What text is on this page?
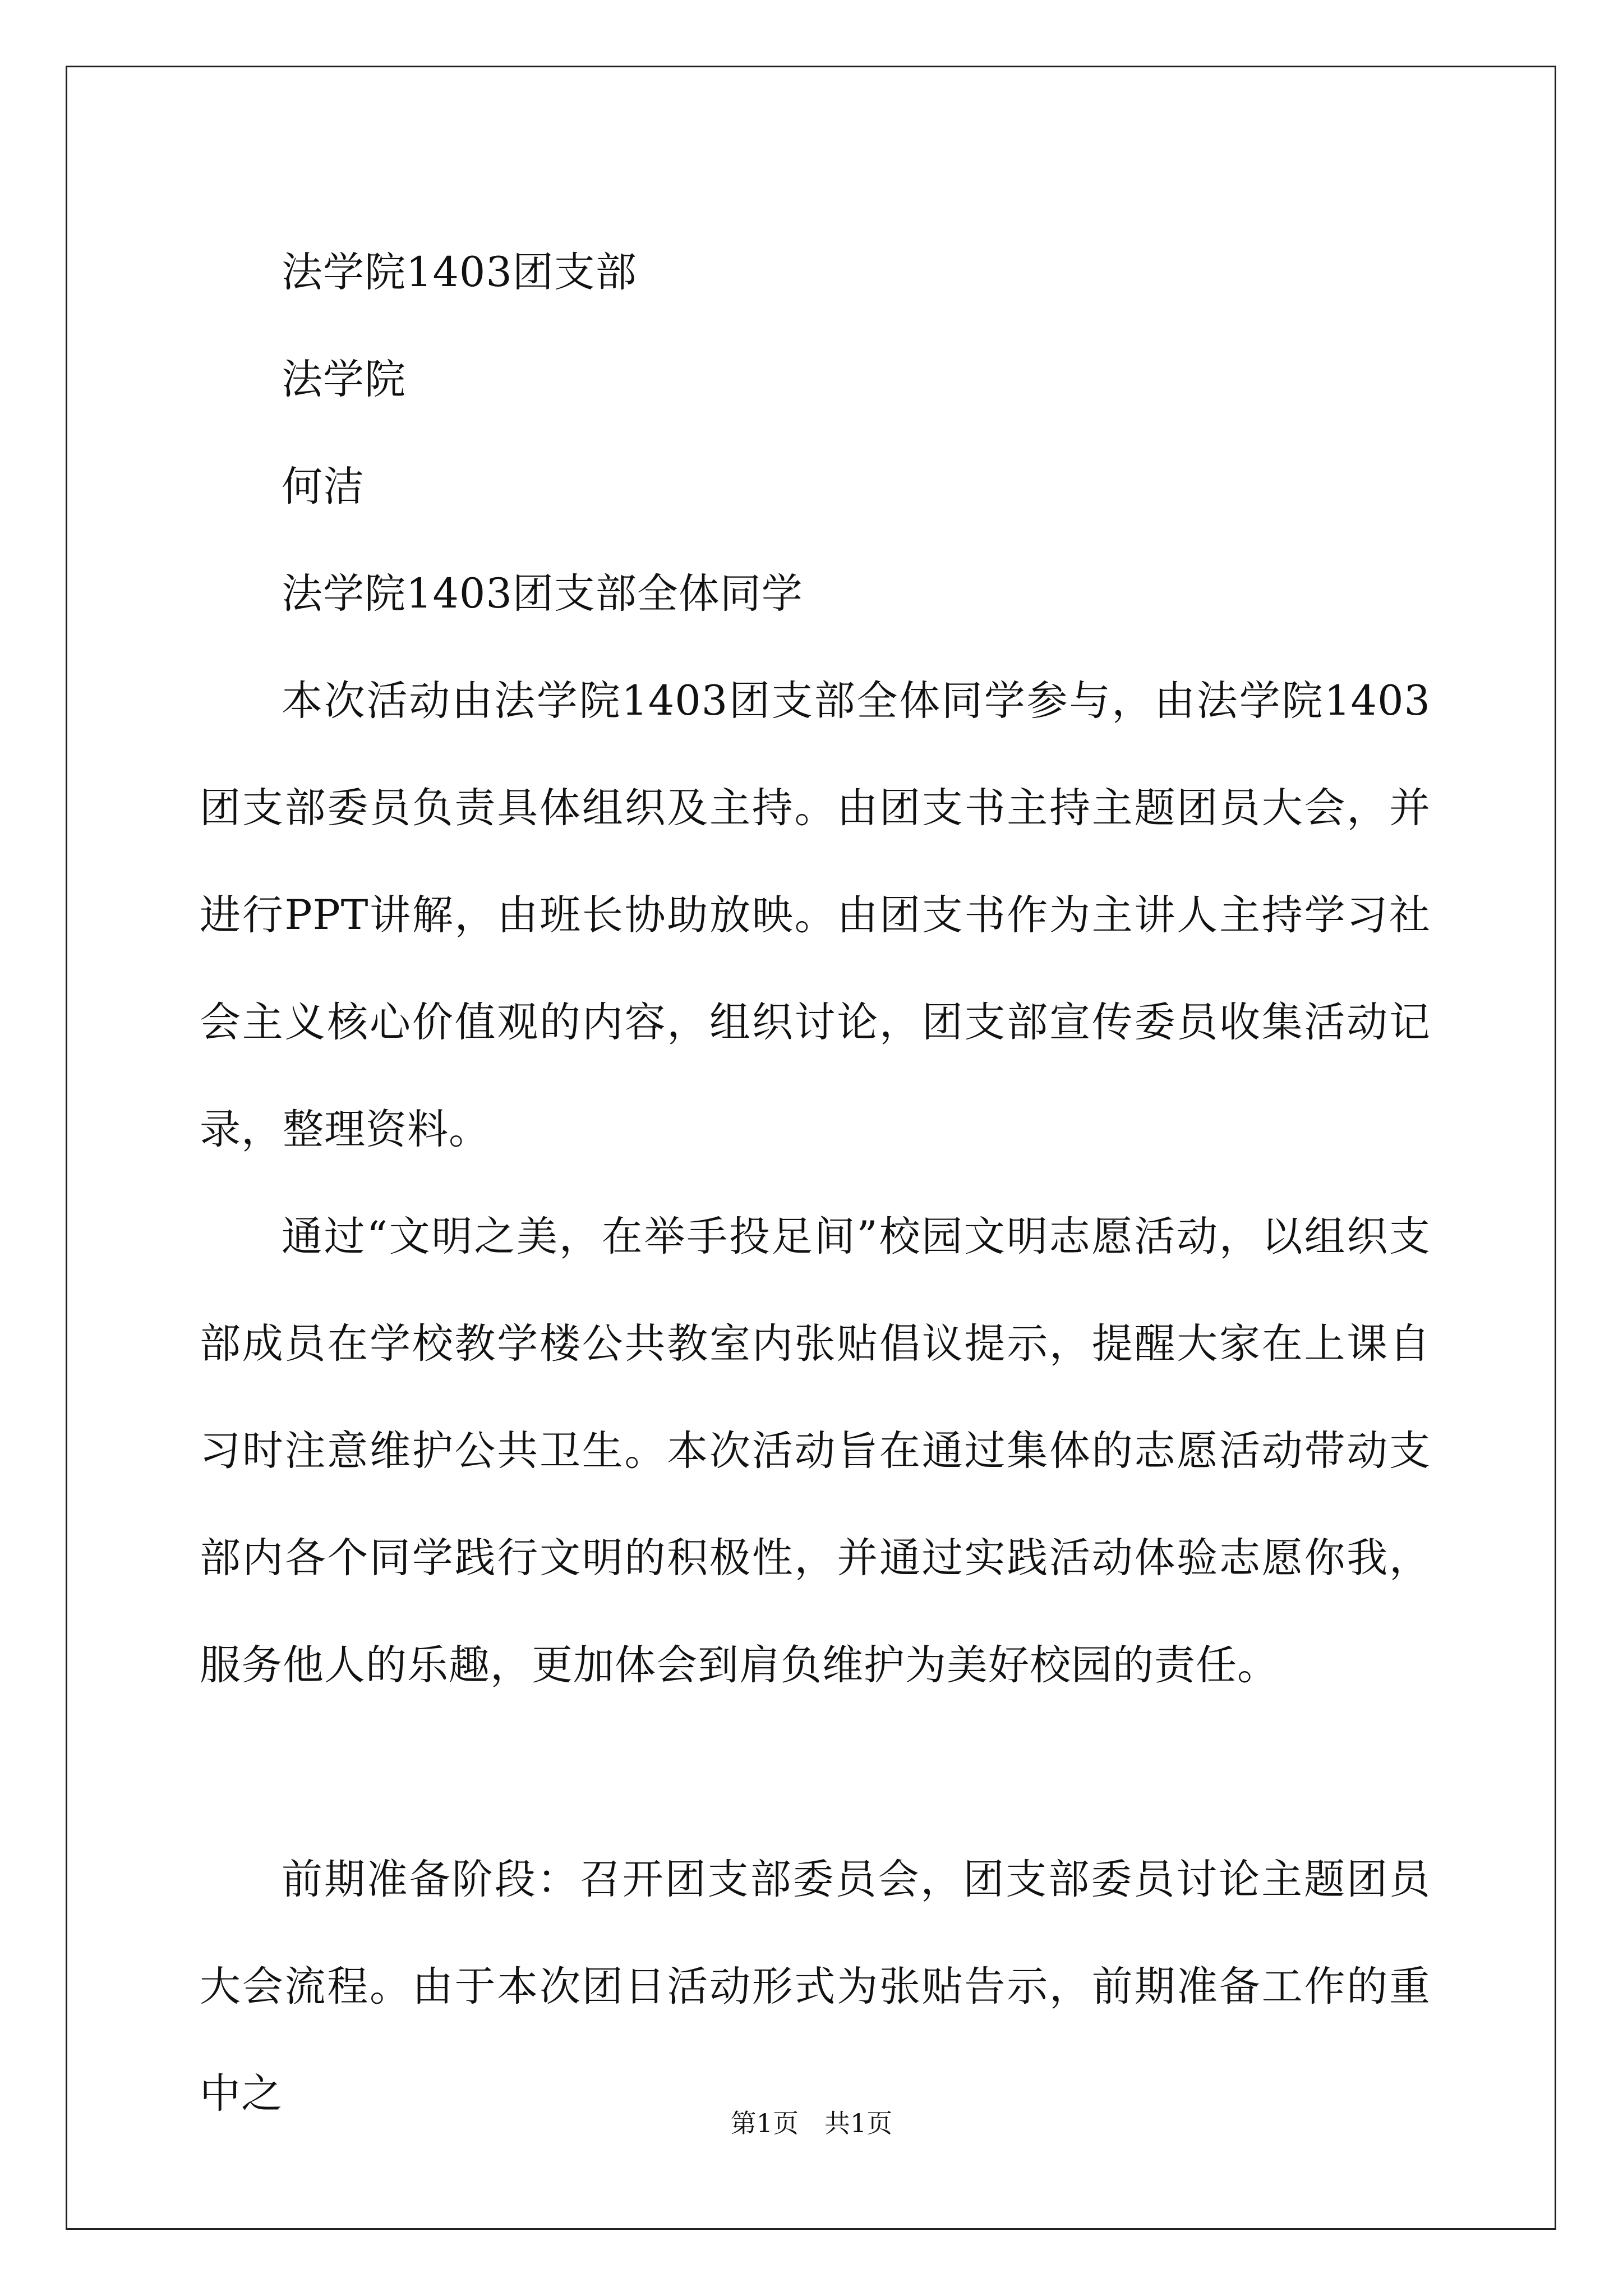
法学院1403团支部

法学院

何洁

法学院1403团支部全体同学

本次活动由法学院1403团支部全体同学参与，由法学院1403团支部委员负责具体组织及主持。由团支书主持主题团员大会，并进行PPT讲解，由班长协助放映。由团支书作为主讲人主持学习社会主义核心价值观的内容，组织讨论，团支部宣传委员收集活动记录，整理资料。

通过“文明之美，在举手投足间”校园文明志愿活动，以组织支部成员在学校教学楼公共教室内张贴倡议提示，提醒大家在上课自习时注意维护公共卫生。本次活动旨在通过集体的志愿活动带动支部内各个同学践行文明的积极性，并通过实践活动体验志愿你我，服务他人的乐趣，更加体会到肩负维护为美好校园的责任。

前期准备阶段：召开团支部委员会，团支部委员讨论主题团员大会流程。由于本次团日活动形式为张贴告示，前期准备工作的重中之

第1页 共1页
